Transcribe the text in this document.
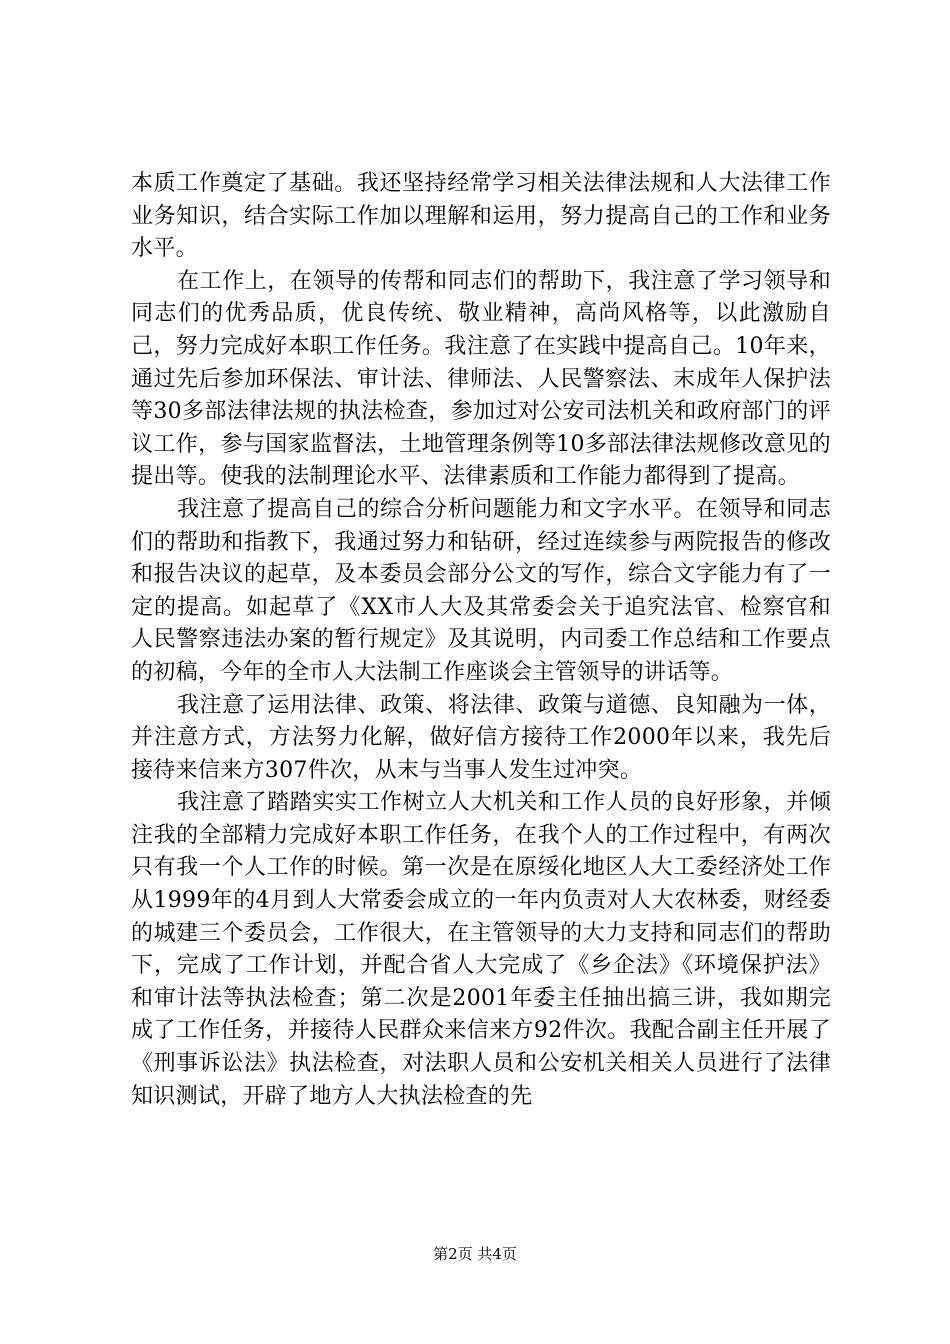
本质工作奠定了基础。我还坚持经常学习相关法律法规和人大法律工作业务知识，结合实际工作加以理解和运用，努力提高自己的工作和业务水平。

在工作上，在领导的传帮和同志们的帮助下，我注意了学习领导和同志们的优秀品质，优良传统、敬业精神，高尚风格等，以此激励自己，努力完成好本职工作任务。我注意了在实践中提高自己。10年来，通过先后参加环保法、审计法、律师法、人民警察法、末成年人保护法等30多部法律法规的执法检查，参加过对公安司法机关和政府部门的评议工作，参与国家监督法，土地管理条例等10多部法律法规修改意见的提出等。使我的法制理论水平、法律素质和工作能力都得到了提高。

我注意了提高自己的综合分析问题能力和文字水平。在领导和同志们的帮助和指教下，我通过努力和钻研，经过连续参与两院报告的修改和报告决议的起草，及本委员会部分公文的写作，综合文字能力有了一定的提高。如起草了《XX市人大及其常委会关于追究法官、检察官和人民警察违法办案的暂行规定》及其说明，内司委工作总结和工作要点的初稿，今年的全市人大法制工作座谈会主管领导的讲话等。

我注意了运用法律、政策、将法律、政策与道德、良知融为一体，并注意方式，方法努力化解，做好信方接待工作2000年以来，我先后接待来信来方307件次，从末与当事人发生过冲突。

我注意了踏踏实实工作树立人大机关和工作人员的良好形象，并倾注我的全部精力完成好本职工作任务，在我个人的工作过程中，有两次只有我一个人工作的时候。第一次是在原绥化地区人大工委经济处工作从1999年的4月到人大常委会成立的一年内负责对人大农林委，财经委的城建三个委员会，工作很大，在主管领导的大力支持和同志们的帮助下，完成了工作计划，并配合省人大完成了《乡企法》《环境保护法》和审计法等执法检查；第二次是2001年委主任抽出搞三讲，我如期完成了工作任务，并接待人民群众来信来方92件次。我配合副主任开展了《刑事诉讼法》执法检查，对法职人员和公安机关相关人员进行了法律知识测试，开辟了地方人大执法检查的先

第2页 共4页
